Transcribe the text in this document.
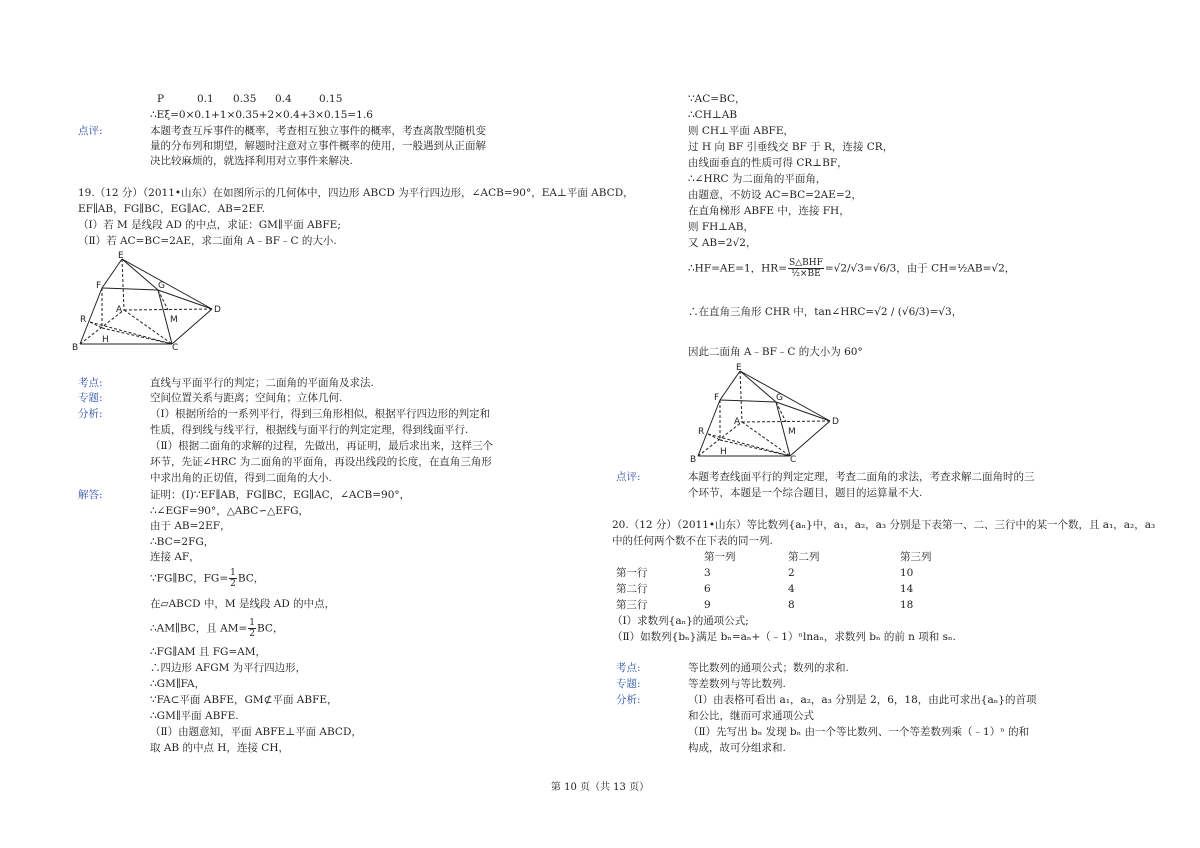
P	0.1 0.35 0.4	0.15
∴Eξ=0×0.1+1×0.35+2×0.4+3×0.15=1.6
点评:	本题考查互斥事件的概率，考查相互独立事件的概率，考查离散型随机变
量的分布列和期望，解题时注意对立事件概率的使用，一般遇到从正面解
决比较麻烦的，就选择利用对立事件来解决.
19.（12 分）（2011•山东）在如图所示的几何体中，四边形 ABCD 为平行四边形，∠ACB=90°，EA⊥平面 ABCD，
EF∥AB，FG∥BC，EG∥AC．AB=2EF.
（Ⅰ）若 M 是线段 AD 的中点，求证：GM∥平面 ABFE;
（Ⅱ）若 AC=BC=2AE，求二面角 A﹣BF﹣C 的大小.
E
F	G
A	D
M
R
H
B	C
考点:	直线与平面平行的判定；二面角的平面角及求法.
专题:	空间位置关系与距离；空间角；立体几何.
分析:	（Ⅰ）根据所给的一系列平行，得到三角形相似，根据平行四边形的判定和
性质，得到线与线平行，根据线与面平行的判定定理，得到线面平行.
（Ⅱ）根据二面角的求解的过程，先做出，再证明，最后求出来，这样三个
环节，先证∠HRC 为二面角的平面角，再设出线段的长度，在直角三角形
中求出角的正切值，得到二面角的大小.
解答:	证明：(Ⅰ)∵EF∥AB，FG∥BC，EG∥AC，∠ACB=90°，
∴∠EGF=90°，△ABC∽△EFG，
由于 AB=2EF，
∴BC=2FG，
连接 AF，
∵FG∥BC，$FG= \frac{1}{2}$ BC，
在▱ABCD 中，M 是线段 AD 的中点，
∴AM∥BC，且 $AM= \frac{1}{2}$ BC，
∴FG∥AM 且 FG=AM，
∴四边形 AFGM 为平行四边形，
∴GM∥FA，
∵FA⊂平面 ABFE，GM⊄平面 ABFE，
∴GM∥平面 ABFE.
（Ⅱ）由题意知，平面 ABFE⊥平面 ABCD，
取 AB 的中点 H，连接 CH，
∵AC=BC，
∴CH⊥AB
则 CH⊥平面 ABFE，
过 H 向 BF 引垂线交 BF 于 R，连接 CR，
由线面垂直的性质可得 CR⊥BF，
∴∠HRC 为二面角的平面角，
由题意，不妨设 AC=BC=2AE=2，
在直角梯形 ABFE 中，连接 FH，
则 FH⊥AB，
又 AB=2√2，
∴HF=AE=1，$HR= \frac{\text{S△BHF}}{\text{½×BE}} =√2/√3=√6/3$，由于 CH=½AB=√2，
∴在直角三角形 CHR 中，tan∠HRC=√2 / (√6/3)=√3，
因此二面角 A﹣BF﹣C 的大小为 60°
E
F	G
A	D
M
R
H
B	C
点评:	本题考查线面平行的判定定理，考查二面角的求法，考查求解二面角时的三
个环节，本题是一个综合题目，题目的运算量不大.
20.（12 分）（2011•山东）等比数列{aₙ}中，a₁，a₂，a₃ 分别是下表第一、二、三行中的某一个数，且 a₁，a₂，a₃
中的任何两个数不在下表的同一列.
第一列	第二列	第三列
第一行	3	2	10
第二行	6	4	14
第三行	9	8	18
（Ⅰ）求数列{aₙ}的通项公式;
（Ⅱ）如数列{bₙ}满足 bₙ=aₙ+（﹣1）ⁿlnaₙ，求数列 bₙ 的前 n 项和 sₙ.
考点:	等比数列的通项公式；数列的求和.
专题:	等差数列与等比数列.
分析:	（Ⅰ）由表格可看出 a₁，a₂，a₃ 分别是 2，6，18，由此可求出{aₙ}的首项
和公比，继而可求通项公式
（Ⅱ）先写出 bₙ 发现 bₙ 由一个等比数列、一个等差数列乘（﹣1）ⁿ 的和
构成，故可分组求和.
第 10 页（共 13 页）
